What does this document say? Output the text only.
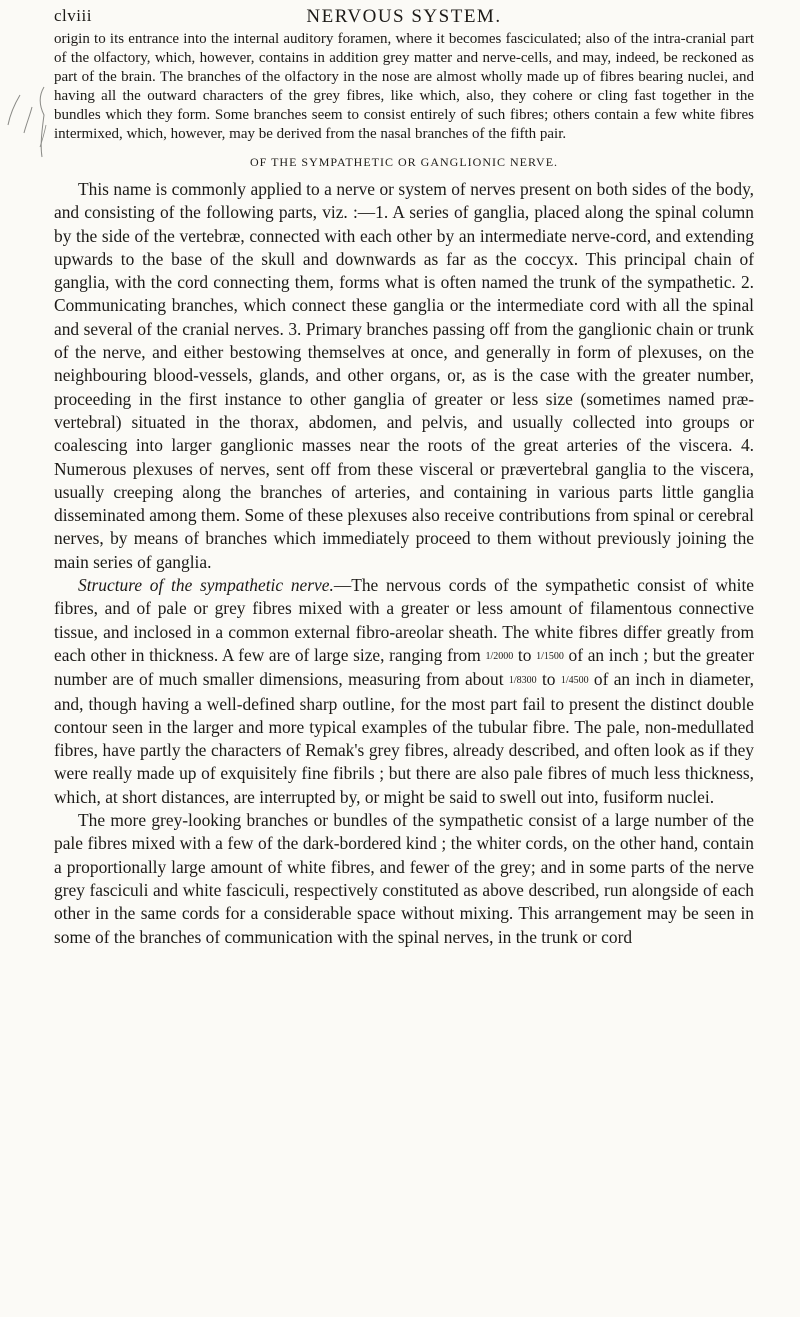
clviii	NERVOUS SYSTEM.

origin to its entrance into the internal auditory foramen, where it becomes fasciculated; also of the intra-cranial part of the olfactory, which, however, contains in addition grey matter and nerve-cells, and may, indeed, be reckoned as part of the brain. The branches of the olfactory in the nose are almost wholly made up of fibres bearing nuclei, and having all the outward characters of the grey fibres, like which, also, they cohere or cling fast together in the bundles which they form. Some branches seem to consist entirely of such fibres; others contain a few white fibres intermixed, which, however, may be derived from the nasal branches of the fifth pair.

OF THE SYMPATHETIC OR GANGLIONIC NERVE.

This name is commonly applied to a nerve or system of nerves present on both sides of the body, and consisting of the following parts, viz. :—1. A series of ganglia, placed along the spinal column by the side of the vertebræ, connected with each other by an intermediate nerve-cord, and extending upwards to the base of the skull and downwards as far as the coccyx. This principal chain of ganglia, with the cord connecting them, forms what is often named the trunk of the sympathetic. 2. Communicating branches, which connect these ganglia or the intermediate cord with all the spinal and several of the cranial nerves. 3. Primary branches passing off from the ganglionic chain or trunk of the nerve, and either bestowing themselves at once, and generally in form of plexuses, on the neighbouring blood-vessels, glands, and other organs, or, as is the case with the greater number, proceeding in the first instance to other ganglia of greater or less size (sometimes named præ-vertebral) situated in the thorax, abdomen, and pelvis, and usually collected into groups or coalescing into larger ganglionic masses near the roots of the great arteries of the viscera. 4. Numerous plexuses of nerves, sent off from these visceral or prævertebral ganglia to the viscera, usually creeping along the branches of arteries, and containing in various parts little ganglia disseminated among them. Some of these plexuses also receive contributions from spinal or cerebral nerves, by means of branches which immediately proceed to them without previously joining the main series of ganglia.

Structure of the sympathetic nerve.—The nervous cords of the sympathetic consist of white fibres, and of pale or grey fibres mixed with a greater or less amount of filamentous connective tissue, and inclosed in a common external fibro-areolar sheath. The white fibres differ greatly from each other in thickness. A few are of large size, ranging from 1/2000 to 1/1500 of an inch ; but the greater number are of much smaller dimensions, measuring from about 1/8300 to 1/4500 of an inch in diameter, and, though having a well-defined sharp outline, for the most part fail to present the distinct double contour seen in the larger and more typical examples of the tubular fibre. The pale, non-medullated fibres, have partly the characters of Remak's grey fibres, already described, and often look as if they were really made up of exquisitely fine fibrils ; but there are also pale fibres of much less thickness, which, at short distances, are interrupted by, or might be said to swell out into, fusiform nuclei.

The more grey-looking branches or bundles of the sympathetic consist of a large number of the pale fibres mixed with a few of the dark-bordered kind ; the whiter cords, on the other hand, contain a proportionally large amount of white fibres, and fewer of the grey; and in some parts of the nerve grey fasciculi and white fasciculi, respectively constituted as above described, run alongside of each other in the same cords for a considerable space without mixing. This arrangement may be seen in some of the branches of communication with the spinal nerves, in the trunk or cord
